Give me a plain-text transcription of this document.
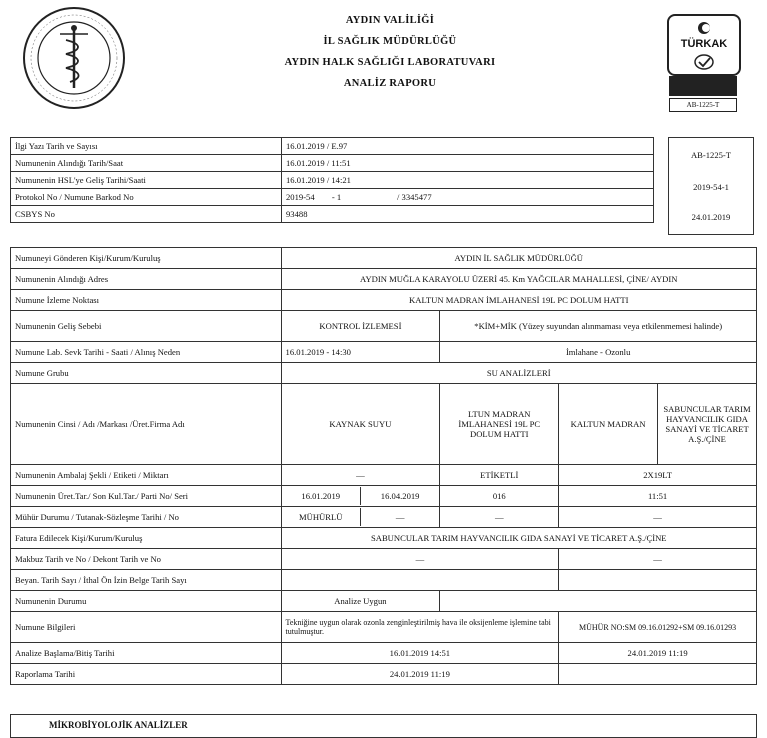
AYDIN VALİLİĞİ
İL SAĞLIK MÜDÜRLÜĞÜ
AYDIN HALK SAĞLIĞI LABORATUVARI
ANALİZ RAPORU
TÜRKAK
AB-1225-T
İlgi Yazı Tarih ve Sayısı	16.01.2019 / E.97
Numunenin Alındığı Tarih/Saat	16.01.2019 / 11:51
Numunenin HSL'ye Geliş Tarihi/Saati	16.01.2019 / 14:21
Protokol No / Numune Barkod No	2019-54        - 1                          / 3345477
CSBYS No	93488
AB-1225-T
2019-54-1
24.01.2019
Numuneyi Gönderen Kişi/Kurum/Kuruluş	AYDIN İL SAĞLIK MÜDÜRLÜĞÜ			
Numunenin Alındığı Adres	AYDIN MUĞLA KARAYOLU ÜZERİ 45. Km YAĞCILAR MAHALLESİ, ÇİNE/ AYDIN			
Numune İzleme Noktası	KALTUN MADRAN İMLAHANESİ 19L PC DOLUM HATTI			
Numunenin Geliş Sebebi	KONTROL İZLEMESİ	*KİM+MİK (Yüzey suyundan alınmaması veya etkilenmemesi halinde)		
Numune Lab. Sevk Tarihi - Saati / Alınış Neden	16.01.2019 - 14:30	İmlahane - Ozonlu		
Numune Grubu	SU ANALİZLERİ			
Numunenin Cinsi / Adı /Markası /Üret.Firma Adı	KAYNAK SUYU	LTUN MADRAN İMLAHANESİ 19L PC DOLUM HATTI	KALTUN MADRAN	SABUNCULAR TARIM HAYVANCILIK GIDA SANAYİ VE TİCARET A.Ş./ÇİNE
Numunenin Ambalaj Şekli / Etiketi / Miktarı	—	ETİKETLİ	2X19LT	
Numunenin Üret.Tar./ Son Kul.Tar./ Parti No/ Seri	16.01.2019 16.04.2019	016	11:51	
Mühür Durumu / Tutanak-Sözleşme Tarihi / No	MÜHÜRLÜ —	—	—	
Fatura Edilecek Kişi/Kurum/Kuruluş	SABUNCULAR TARIM HAYVANCILIK GIDA SANAYİ VE TİCARET A.Ş./ÇİNE			
Makbuz Tarih ve No / Dekont Tarih ve No	—		—	
Beyan. Tarih Sayı / İthal Ön İzin Belge Tarih Sayı				
Numunenin Durumu	Analize Uygun			
Numune Bilgileri	Tekniğine uygun olarak ozonla zenginleştirilmiş hava ile oksijenleme işlemine tabi tutulmuştur.		MÜHÜR NO:SM 09.16.01292+SM 09.16.01293	
Analize Başlama/Bitiş Tarihi	16.01.2019 14:51		24.01.2019 11:19	
Raporlama Tarihi	24.01.2019 11:19			
MİKROBİYOLOJİK ANALİZLER
